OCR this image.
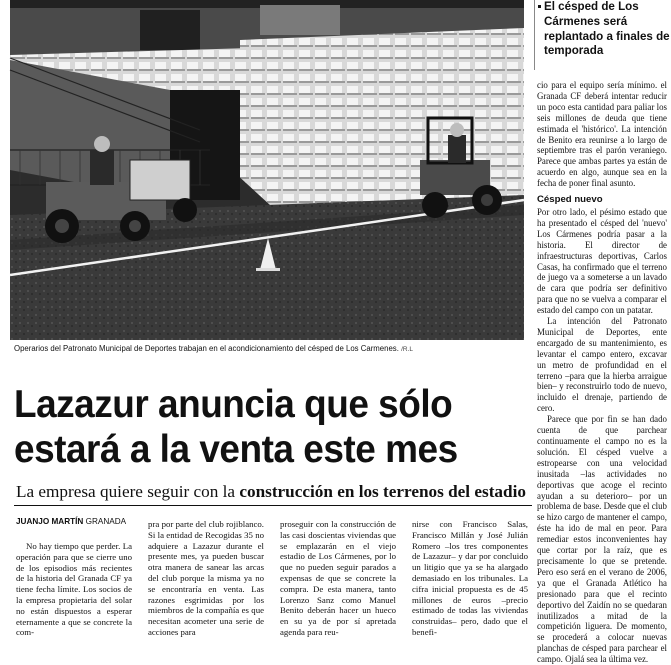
Operarios del Patronato Municipal de Deportes trabajan en el acondicionamiento del césped de Los Carmenes. /R.L
El césped de Los Cármenes será replantado a finales de temporada

cio para el equipo sería mínimo. el Granada CF deberá intentar reducir un poco esta cantidad para paliar los seis millones de deuda que tiene estimada el 'histórico'. La intención de Benito era reunirse a lo largo de septiembre tras el parón veraniego. Parece que ambas partes ya están de acuerdo en algo, aunque sea en la fecha de poner final asunto.

Césped nuevo

Por otro lado, el pésimo estado que ha presentado el césped del 'nuevo' Los Cármenes podría pasar a la historia. El director de infraestructuras deportivas, Carlos Casas, ha confirmado que el terreno de juego va a someterse a un lavado de cara que podría ser definitivo para que no se vuelva a comparar el estado del campo con un patatar.

La intención del Patronato Municipal de Deportes, ente encargado de su mantenimiento, es levantar el campo entero, excavar un metro de profundidad en el terreno –para que la hierba arraigue bien– y reconstruirlo todo de nuevo, incluido el drenaje, partiendo de cero.

Parece que por fin se han dado cuenta de que parchear continuamente el campo no es la solución. El césped vuelve a estropearse con una velocidad inusitada –las actividades no deportivas que acoge el recinto ayudan a su deterioro– por un problema de base. Desde que el club se hizo cargo de mantener el campo, éste ha ido de mal en peor. Para remediar estos inconvenientes hay que cortar por la raíz, que es precisamente lo que se pretende. Pero eso será en el verano de 2006, ya que el Granada Atlético ha presionado para que el recinto deportivo del Zaidín no se quedaran inutilizados a mitad de la competición liguera. De momento, se procederá a colocar nuevas planchas de césped para parchear el campo. Ojalá sea la última vez.

Lazazur anuncia que sólo
estará a la venta este mes
La empresa quiere seguir con la construcción en los terrenos del estadio
JUANJO MARTÍN GRANADA

No hay tiempo que perder. La operación para que se cierre uno de los episodios más recientes de la historia del Granada CF ya tiene fecha límite. Los socios de la empresa propietaria del solar no están dispuestos a esperar eternamente a que se concrete la com-

pra por parte del club rojiblanco. Si la entidad de Recogidas 35 no adquiere a Lazazur durante el presente mes, ya pueden buscar otra manera de sanear las arcas del club porque la misma ya no se encontraría en venta. Las razones esgrimidas por los miembros de la compañía es que necesitan acometer una serie de acciones para

proseguir con la construcción de las casi doscientas viviendas que se emplazarán en el viejo estadio de Los Cármenes, por lo que no pueden seguir parados a expensas de que se concrete la compra. De esta manera, tanto Lorenzo Sanz como Manuel Benito deberán hacer un hueco en su ya de por sí apretada agenda para reu-

nirse con Francisco Salas, Francisco Millán y José Julián Romero –los tres componentes de Lazazur– y dar por concluido un litigio que ya se ha alargado demasiado en los tribunales. La cifra inicial propuesta es de 45 millones de euros –precio estimado de todas las viviendas construidas– pero, dado que el benefi-
